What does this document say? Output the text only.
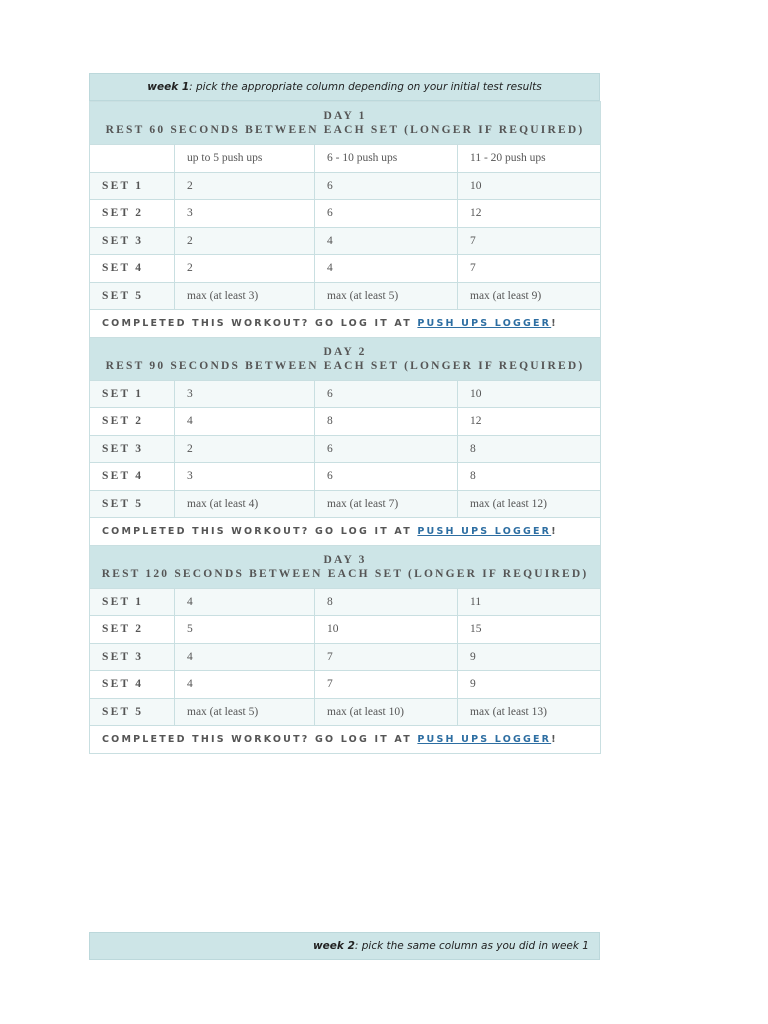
week 1: pick the appropriate column depending on your initial test results
DAY 1
REST 60 SECONDS BETWEEN EACH SET (LONGER IF REQUIRED)			

	up to 5 push ups	6 - 10 push ups	11 - 20 push ups
SET 1	2	6	10
SET 2	3	6	12
SET 3	2	4	7
SET 4	2	4	7
SET 5	max (at least 3)	max (at least 5)	max (at least 9)
COMPLETED THIS WORKOUT? GO LOG IT AT PUSH UPS LOGGER!			

DAY 2
REST 90 SECONDS BETWEEN EACH SET (LONGER IF REQUIRED)			

SET 1	3	6	10
SET 2	4	8	12
SET 3	2	6	8
SET 4	3	6	8
SET 5	max (at least 4)	max (at least 7)	max (at least 12)
COMPLETED THIS WORKOUT? GO LOG IT AT PUSH UPS LOGGER!			

DAY 3
REST 120 SECONDS BETWEEN EACH SET (LONGER IF REQUIRED)			

SET 1	4	8	11
SET 2	5	10	15
SET 3	4	7	9
SET 4	4	7	9
SET 5	max (at least 5)	max (at least 10)	max (at least 13)
COMPLETED THIS WORKOUT? GO LOG IT AT PUSH UPS LOGGER!			
week 2: pick the same column as you did in week 1
